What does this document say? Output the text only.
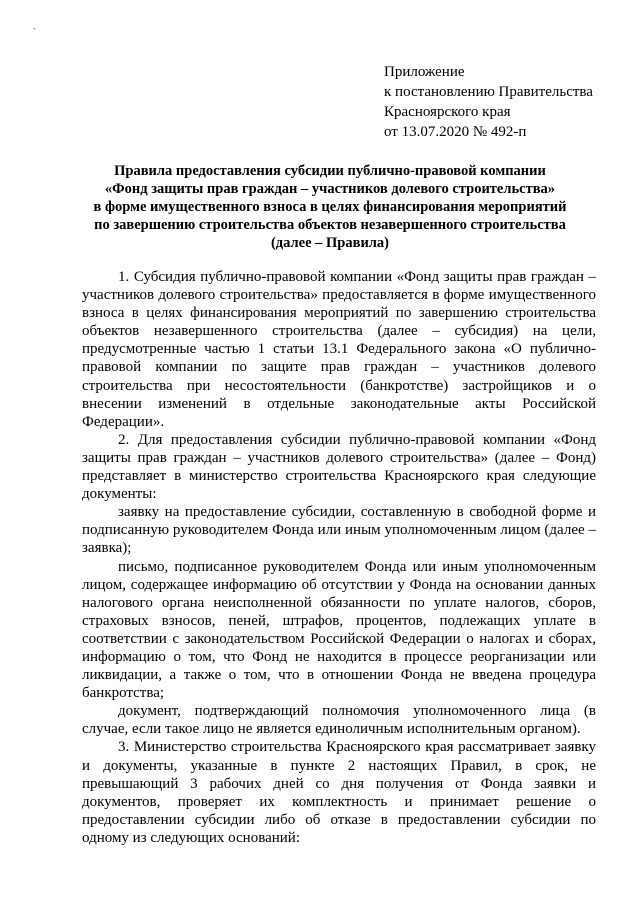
ˎ
Приложение
к постановлению Правительства
Красноярского края
от 13.07.2020 № 492-п
Правила предоставления субсидии публично-правовой компании
«Фонд защиты прав граждан – участников долевого строительства»
в форме имущественного взноса в целях финансирования мероприятий
по завершению строительства объектов незавершенного строительства
(далее – Правила)

1. Субсидия публично-правовой компании «Фонд защиты прав граждан – участников долевого строительства» предоставляется в форме имущественного взноса в целях финансирования мероприятий по завершению строительства объектов незавершенного строительства (далее – субсидия) на цели, предусмотренные частью 1 статьи 13.1 Федерального закона «О публично-правовой компании по защите прав граждан – участников долевого строительства при несостоятельности (банкротстве) застройщиков и о внесении изменений в отдельные законодательные акты Российской Федерации».

2. Для предоставления субсидии публично-правовой компании «Фонд защиты прав граждан – участников долевого строительства» (далее – Фонд) представляет в министерство строительства Красноярского края следующие документы:

заявку на предоставление субсидии, составленную в свободной форме и подписанную руководителем Фонда или иным уполномоченным лицом (далее – заявка);

письмо, подписанное руководителем Фонда или иным уполномоченным лицом, содержащее информацию об отсутствии у Фонда на основании данных налогового органа неисполненной обязанности по уплате налогов, сборов, страховых взносов, пеней, штрафов, процентов, подлежащих уплате в соответствии с законодательством Российской Федерации о налогах и сборах, информацию о том, что Фонд не находится в процессе реорганизации или ликвидации, а также о том, что в отношении Фонда не введена процедура банкротства;

документ, подтверждающий полномочия уполномоченного лица (в случае, если такое лицо не является единоличным исполнительным органом).

3. Министерство строительства Красноярского края рассматривает заявку и документы, указанные в пункте 2 настоящих Правил, в срок, не превышающий 3 рабочих дней со дня получения от Фонда заявки и документов, проверяет их комплектность и принимает решение о предоставлении субсидии либо об отказе в предоставлении субсидии по одному из следующих оснований:
